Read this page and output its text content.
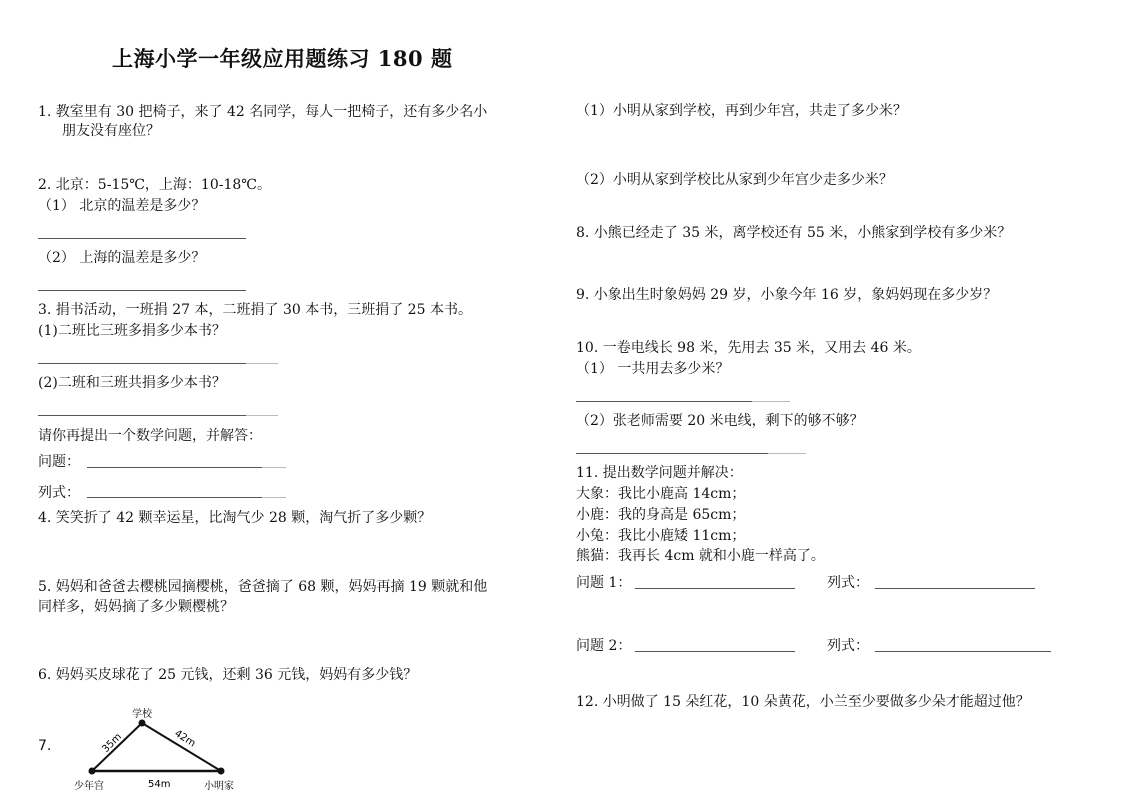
上海小学一年级应用题练习 180 题
1. 教室里有 30 把椅子，来了 42 名同学，每人一把椅子，还有多少名小
朋友没有座位？
2. 北京：5-15℃，上海：10-18℃。
（1） 北京的温差是多少？
（2） 上海的温差是多少？
3. 捐书活动，一班捐 27 本，二班捐了 30 本书，三班捐了 25 本书。
(1)二班比三班多捐多少本书？
(2)二班和三班共捐多少本书？
请你再提出一个数学问题，并解答：
问题：
列式：
4. 笑笑折了 42 颗幸运星，比淘气少 28 颗，淘气折了多少颗？
5. 妈妈和爸爸去樱桃园摘樱桃，爸爸摘了 68 颗，妈妈再摘 19 颗就和他
同样多，妈妈摘了多少颗樱桃？
6. 妈妈买皮球花了 25 元钱，还剩 36 元钱，妈妈有多少钱？
7.
学校
少年宫	小明家
54m
35m	42m
（1）小明从家到学校，再到少年宫，共走了多少米？
（2）小明从家到学校比从家到少年宫少走多少米？
8. 小熊已经走了 35 米，离学校还有 55 米，小熊家到学校有多少米？
9. 小象出生时象妈妈 29 岁，小象今年 16 岁，象妈妈现在多少岁？
10. 一卷电线长 98 米，先用去 35 米，又用去 46 米。
（1） 一共用去多少米？
（2）张老师需要 20 米电线，剩下的够不够？
11. 提出数学问题并解决：
大象：我比小鹿高 14cm；
小鹿：我的身高是 65cm；
小兔：我比小鹿矮 11cm；
熊猫：我再长 4cm 就和小鹿一样高了。
问题 1：	列式：
问题 2：	列式：
12. 小明做了 15 朵红花，10 朵黄花，小兰至少要做多少朵才能超过他？
